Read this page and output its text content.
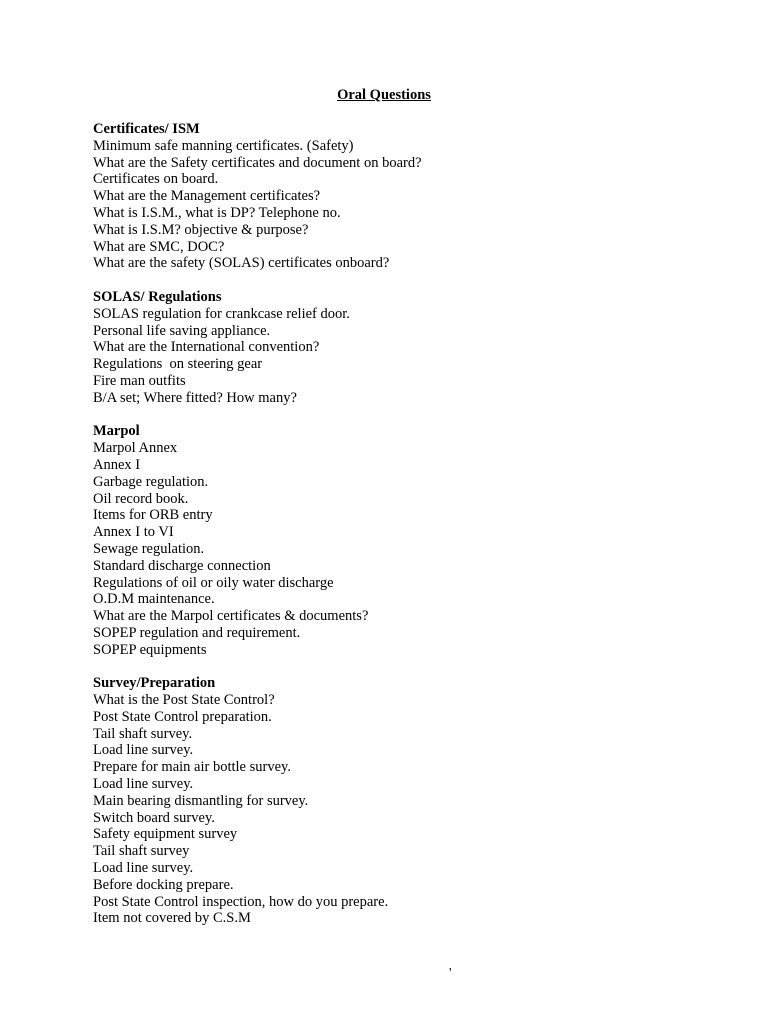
Oral Questions
Certificates/ ISM
Minimum safe manning certificates. (Safety)
What are the Safety certificates and document on board?
Certificates on board.
What are the Management certificates?
What is I.S.M., what is DP? Telephone no.
What is I.S.M? objective & purpose?
What are SMC, DOC?
What are the safety (SOLAS) certificates onboard?
SOLAS/ Regulations
SOLAS regulation for crankcase relief door.
Personal life saving appliance.
What are the International convention?
Regulations  on steering gear
Fire man outfits
B/A set; Where fitted? How many?
Marpol
Marpol Annex
Annex I
Garbage regulation.
Oil record book.
Items for ORB entry
Annex I to VI
Sewage regulation.
Standard discharge connection
Regulations of oil or oily water discharge
O.D.M maintenance.
What are the Marpol certificates & documents?
SOPEP regulation and requirement.
SOPEP equipments
Survey/Preparation
What is the Post State Control?
Post State Control preparation.
Tail shaft survey.
Load line survey.
Prepare for main air bottle survey.
Load line survey.
Main bearing dismantling for survey.
Switch board survey.
Safety equipment survey
Tail shaft survey
Load line survey.
Before docking prepare.
Post State Control inspection, how do you prepare.
Item not covered by C.S.M
'
